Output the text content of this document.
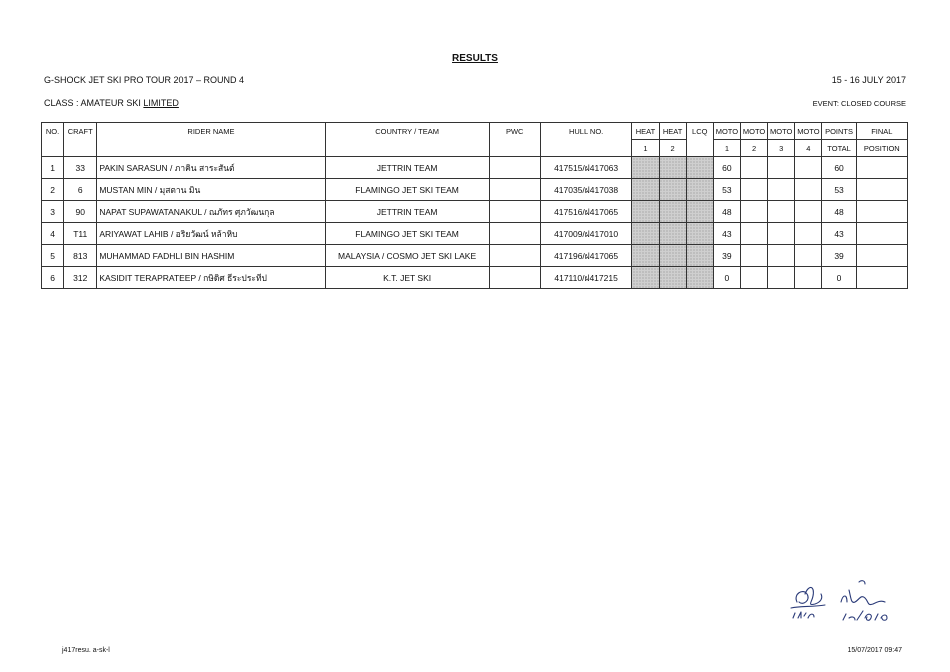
RESULTS
G-SHOCK JET SKI PRO TOUR 2017 – ROUND 4	15 - 16 JULY 2017
CLASS : AMATEUR SKI LIMITED	EVENT: CLOSED COURSE
NO.	CRAFT	RIDER NAME	COUNTRY / TEAM	PWC	HULL NO.	HEAT	HEAT	LCQ	MOTO	MOTO	MOTO	MOTO	POINTS	FINAL
						1	2		1	2	3	4	TOTAL	POSITION
1	33	PAKIN SARASUN / ภาคิน สาระสันต์	JETTRIN TEAM		417515/ฝ417063				60				60	
2	6	MUSTAN MIN / มุสตาน มิน	FLAMINGO JET SKI TEAM		417035/ฝ417038				53				53	
3	90	NAPAT SUPAWATANAKUL / ณภัทร ศุภวัฒนกุล	JETTRIN TEAM		417516/ฝ417065				48				48	
4	T11	ARIYAWAT LAHIB / อริยวัฒน์ หล้าหิบ	FLAMINGO JET SKI TEAM		417009/ฝ417010				43				43	
5	813	MUHAMMAD FADHLI BIN HASHIM	MALAYSIA / COSMO JET SKI LAKE		417196/ฝ417065				39				39	
6	312	KASIDIT TERAPRATEEP / กษิดิศ ธีระประทีป	K.T. JET SKI		417110/ฝ417215				0				0	
j417resu. a-sk-l	15/07/2017 09:47
